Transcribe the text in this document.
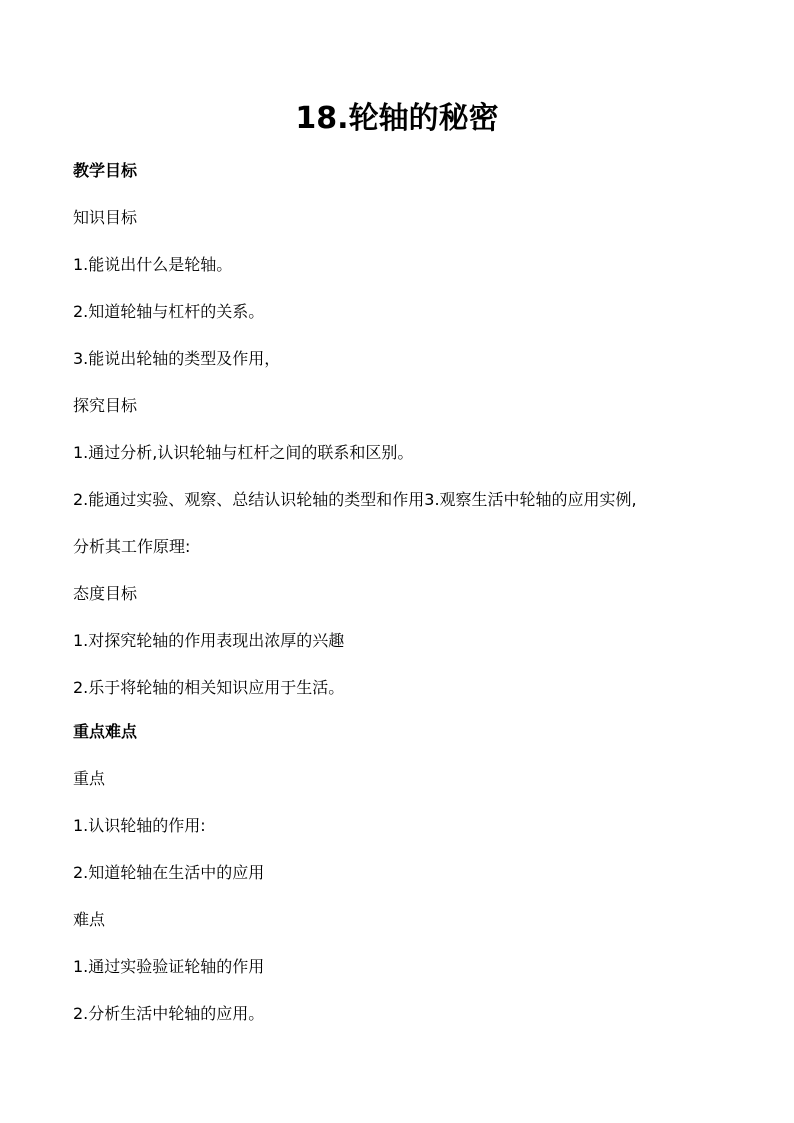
18.轮轴的秘密
教学目标
知识目标
1.能说出什么是轮轴。
2.知道轮轴与杠杆的关系。
3.能说出轮轴的类型及作用，
探究目标
1.通过分析,认识轮轴与杠杆之间的联系和区别。
2.能通过实验、观察、总结认识轮轴的类型和作用3.观察生活中轮轴的应用实例,
分析其工作原理:
态度目标
1.对探究轮轴的作用表现出浓厚的兴趣
2.乐于将轮轴的相关知识应用于生活。
重点难点
重点
1.认识轮轴的作用:
2.知道轮轴在生活中的应用
难点
1.通过实验验证轮轴的作用
2.分析生活中轮轴的应用。
